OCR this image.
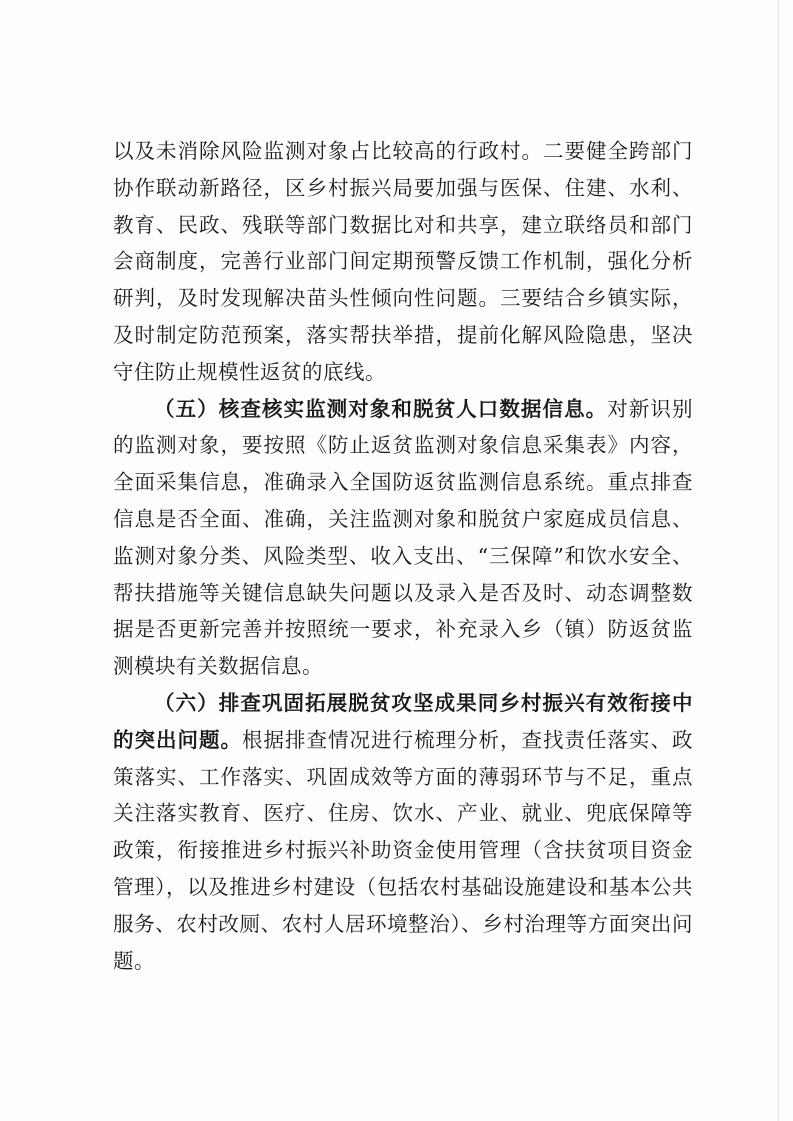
以及未消除风险监测对象占比较高的行政村。二要健全跨部门协作联动新路径，区乡村振兴局要加强与医保、住建、水利、教育、民政、残联等部门数据比对和共享，建立联络员和部门会商制度，完善行业部门间定期预警反馈工作机制，强化分析研判，及时发现解决苗头性倾向性问题。三要结合乡镇实际，及时制定防范预案，落实帮扶举措，提前化解风险隐患，坚决守住防止规模性返贫的底线。

（五）核查核实监测对象和脱贫人口数据信息。对新识别的监测对象，要按照《防止返贫监测对象信息采集表》内容，全面采集信息，准确录入全国防返贫监测信息系统。重点排查信息是否全面、准确，关注监测对象和脱贫户家庭成员信息、监测对象分类、风险类型、收入支出、“三保障”和饮水安全、帮扶措施等关键信息缺失问题以及录入是否及时、动态调整数据是否更新完善并按照统一要求，补充录入乡（镇）防返贫监测模块有关数据信息。

（六）排查巩固拓展脱贫攻坚成果同乡村振兴有效衔接中的突出问题。根据排查情况进行梳理分析，查找责任落实、政策落实、工作落实、巩固成效等方面的薄弱环节与不足，重点关注落实教育、医疗、住房、饮水、产业、就业、兜底保障等政策，衔接推进乡村振兴补助资金使用管理（含扶贫项目资金管理），以及推进乡村建设（包括农村基础设施建设和基本公共服务、农村改厕、农村人居环境整治）、乡村治理等方面突出问题。
